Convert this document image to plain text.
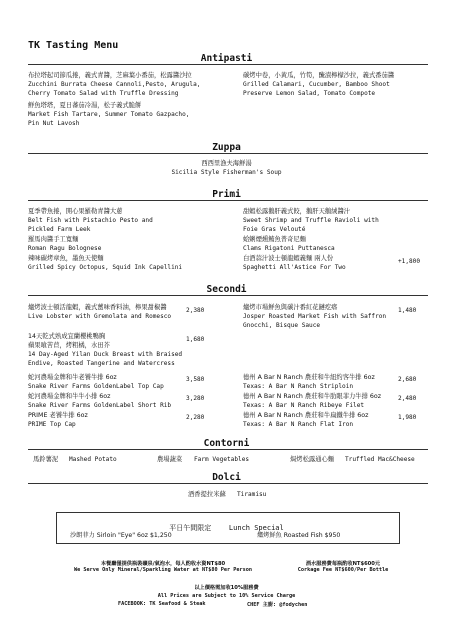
TK Tasting Menu
Antipasti
布拉塔起司節瓜捲，義式青醬，芝麻葉小番茄，松露醬沙拉
Zucchini Burrata Cheese Cannoli,Pesto, Arugula,
Cherry Tomato Salad with Truffle Dressing
鮮魚塔塔，夏日蕃茄冷湯，松子義式脆餅
Market Fish Tartare, Summer Tomato Gazpacho,
Pin Nut Lavosh
碳烤中卷，小黃瓜，竹筍，醃漬檸檬沙拉，義式番茄醬
Grilled Calamari, Cucumber, Bamboo Shoot
Preserve Lemon Salad, Tomato Compote
Zuppa
西西里漁夫海鮮湯
Sicilia Style Fisherman's Soup
Primi
夏季帶魚捲，開心果羅勒青醬大蔥
Belt Fish with Pistachio Pesto and
Pickled Farm Leek
羅馬肉醬手工寬麵
Roman Ragu Bolognese
辣味碳烤章魚，墨魚天使麵
Grilled Spicy Octopus, Squid Ink Capellini
甜蝦松露鵝肝義式餃，鵝肝天鵝絨醬汁
Sweet Shrimp and Truffle Ravioli with
Foie Gras Velouté
蛤蜊煙燻鮪魚普奇尼麵
Clams Rigatoni Puttanesca
白酒蒜汁波士頓龍蝦義麵 兩人份
Spaghetti All'Astice For Two
+1,800
Secondi
爐烤波士頓活龍蝦，義式薑味香料油，檸果甜椒醬
Live Lobster with Gremolata and Romesco
2,380
14天乾式熟成宜蘭櫻桃鴨胸
蘋果喰苦苣，烤粗橘，水田芥
14 Day-Aged Yilan Duck Breast with Braised
Endive, Roasted Tangerine and Watercress
1,680
蛇河農場金牌和牛老饕牛排 6oz
Snake River Farms GoldenLabel Top Cap
3,580
蛇河農場金牌和牛牛小排 6oz
Snake River Farms GoldenLabel Short Rib
3,280
PRIME 老饕牛排 6oz
PRIME Top Cap
2,280
爐烤市場鮮魚與碳汁番紅花鏈疙瘩
Josper Roasted Market Fish with Saffron
Gnocchi, Bisque Sauce
1,480
德州 A Bar N Ranch 農莊和牛紐約客牛排 6oz
Texas: A Bar N Ranch Striploin
2,680
德州 A Bar N Ranch 農莊和牛肋眼菲力牛排 6oz
Texas: A Bar N Ranch Ribeye Filet
2,480
德州 A Bar N Ranch 農莊和牛扁鐵牛排 6oz
Texas: A Bar N Ranch Flat Iron
1,980
Contorni
馬鈴薯泥 Mashed Potato	農場蔬菜 Farm Vegetables	焗烤松露通心麵 Truffled Mac&Cheese
Dolci
酒香提拉米蘇 Tiramisu
平日午間限定	Lunch Special
沙朗菲力 Sirloin "Eye" 6oz $1,250	爐烤鮮魚 Roasted Fish $950
本餐廳僅提供瓶裝礦泉/氣泡水，每人酌收水資NT$80
We Serve Only Mineral/Sparkling Water at NT$80 Per Person
酒水服務費每瓶酌收NT$600元
Corkage Fee NT$600/Per Bottle
以上價格需加收10%服務費
All Prices are Subject to 10% Service Charge
FACEBOOK: TK Seafood & Steak	CHEF 主廚: @fodychen
